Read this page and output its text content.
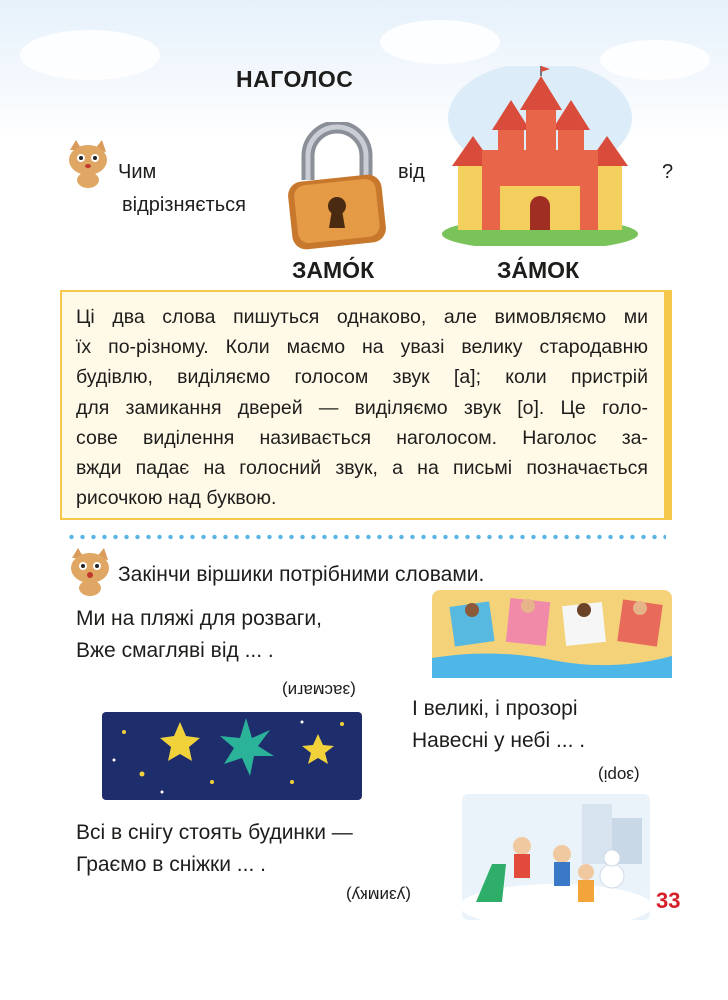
НАГОЛОС
Чим
відрізняється
від	?
ЗАМО́К	ЗА́МОК
Ці два слова пишуться однаково, але вимовляємо ми
їх по-різному. Коли маємо на увазі велику стародавню
будівлю, виділяємо голосом звук [а]; коли пристрій
для замикання дверей — виділяємо звук [о]. Це голо-
сове виділення називається наголосом. Наголос за-
вжди падає на голосний звук, а на письмі позначається
рисочкою над буквою.
Закінчи віршики потрібними словами.
Ми на пляжі для розваги,
Вже смагляві від ... .
(засмаги)
І великі, і прозорі
Навесні у небі ... .
(зорі)
Всі в снігу стоять будинки —
Граємо в сніжки ... .
(узимку)	33
